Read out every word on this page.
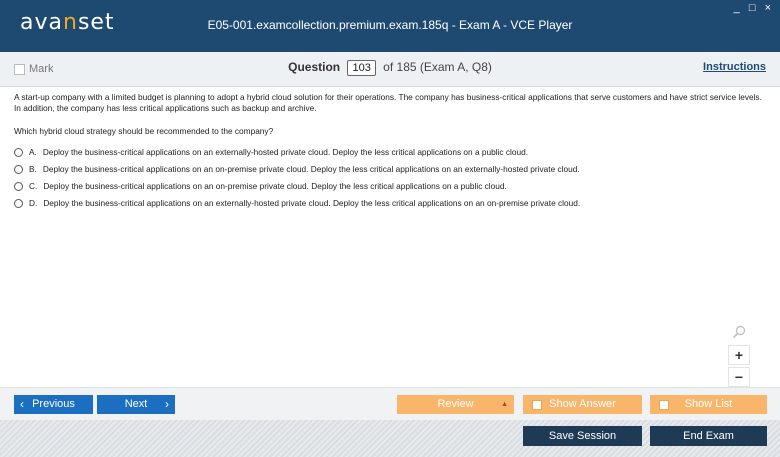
avanset	E05-001.examcollection.premium.exam.185q - Exam A - VCE Player
_ □ ×
Mark	Question 103 of 185 (Exam A, Q8)	Instructions

A start-up company with a limited budget is planning to adopt a hybrid cloud solution for their operations. The company has business-critical applications that serve customers and have strict service levels. In addition, the company has less critical applications such as backup and archive.

Which hybrid cloud strategy should be recommended to the company?

A. Deploy the business-critical applications on an externally-hosted private cloud. Deploy the less critical applications on a public cloud.
B. Deploy the business-critical applications on an on-premise private cloud. Deploy the less critical applications on an externally-hosted private cloud.
C. Deploy the business-critical applications on an on-premise private cloud. Deploy the less critical applications on a public cloud.
D. Deploy the business-critical applications on an externally-hosted private cloud. Deploy the less critical applications on an on-premise private cloud.
+
−
‹ Previous	Next ›	Review	▲	Show Answer	Show List
Save Session	End Exam
